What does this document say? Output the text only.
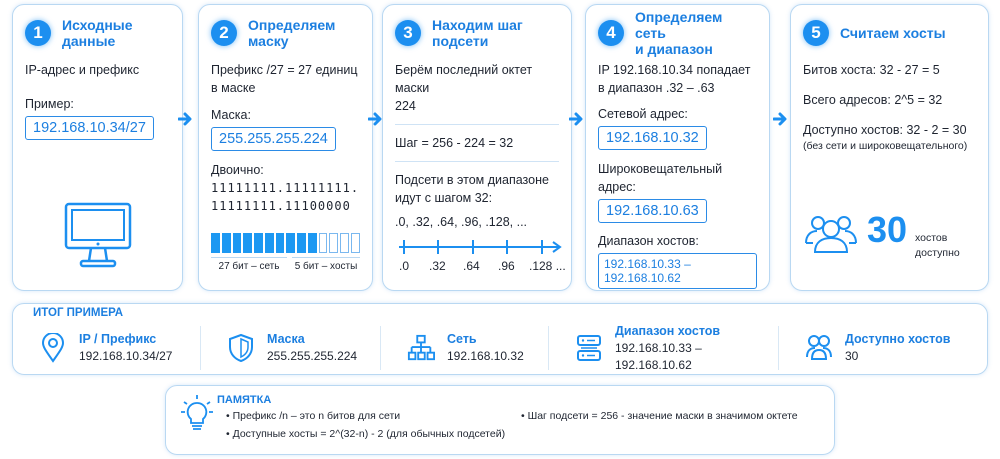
1	Исходные данные
IP-адрес и префикс
Пример:
192.168.10.34/27
2	Определяем маску
Префикс /27 = 27 единиц
в маске
Маска:
255.255.255.224
Двоично:
11111111.11111111.
11111111.11100000
27 бит – сеть	5 бит – хосты
3	Находим шаг подсети
Берём последний октет маски
224
Шаг = 256 - 224 = 32
Подсети в этом диапазоне
идут с шагом 32:
.0, .32, .64, .96, .128, ...
.0 .32 .64 .96 .128 ...
4
Определяем сеть
и диапазон
IP 192.168.10.34 попадает
в диапазон .32 – .63
Сетевой адрес:
192.168.10.32
Широковещательный адрес:
192.168.10.63
Диапазон хостов:
192.168.10.33 – 192.168.10.62
5	Считаем хосты
Битов хоста: 32 - 27 = 5
Всего адресов: 2^5 = 32
Доступно хостов: 32 - 2 = 30
(без сети и широковещательного)
30 хостов
доступно
ИТОГ ПРИМЕРА
IP / Префикс
192.168.10.34/27
Маска
255.255.255.224
Сеть
192.168.10.32
Диапазон хостов
192.168.10.33 – 192.168.10.62
Доступно хостов
30
ПАМЯТКА
• Префикс /n – это n битов для сети
• Доступные хосты = 2^(32-n) - 2 (для обычных подсетей)
• Шаг подсети = 256 - значение маски в значимом октете
